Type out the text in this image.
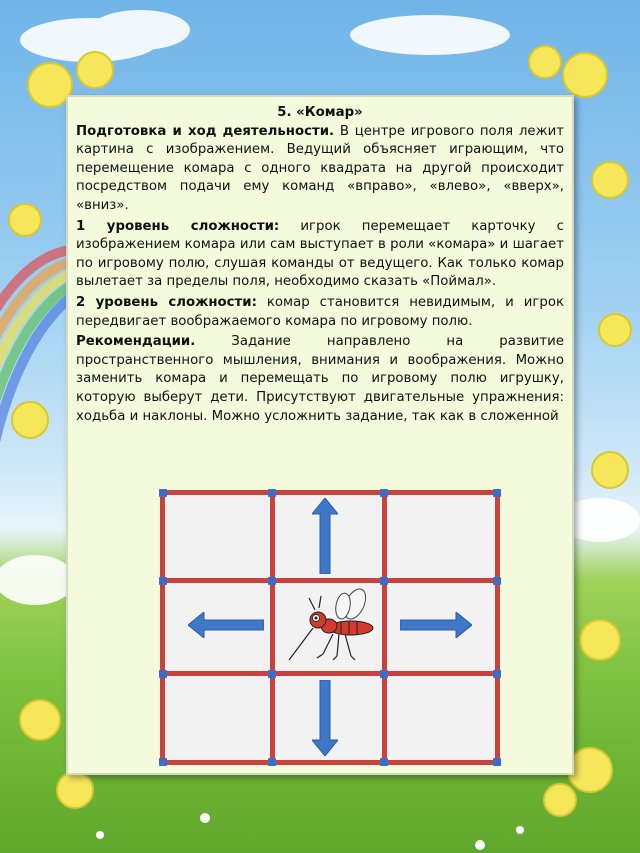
5. «Комар»

Подготовка и ход деятельности. В центре игрового поля лежит картина с изображением. Ведущий объясняет играющим, что перемещение комара с одного квадрата на другой происходит посредством подачи ему команд «вправо», «влево», «вверх», «вниз».

1 уровень сложности: игрок перемещает карточку с изображением комара или сам выступает в роли «комара» и шагает по игровому полю, слушая команды от ведущего. Как только комар вылетает за пределы поля, необходимо сказать «Поймал».

2 уровень сложности: комар становится невидимым, и игрок передвигает воображаемого комара по игровому полю.

Рекомендации. Задание направлено на развитие пространственного мышления, внимания и воображения. Можно заменить комара и перемещать по игровому полю игрушку, которую выберут дети. Присутствуют двигательные упражнения: ходьба и наклоны. Можно усложнить задание, так как в сложенной
